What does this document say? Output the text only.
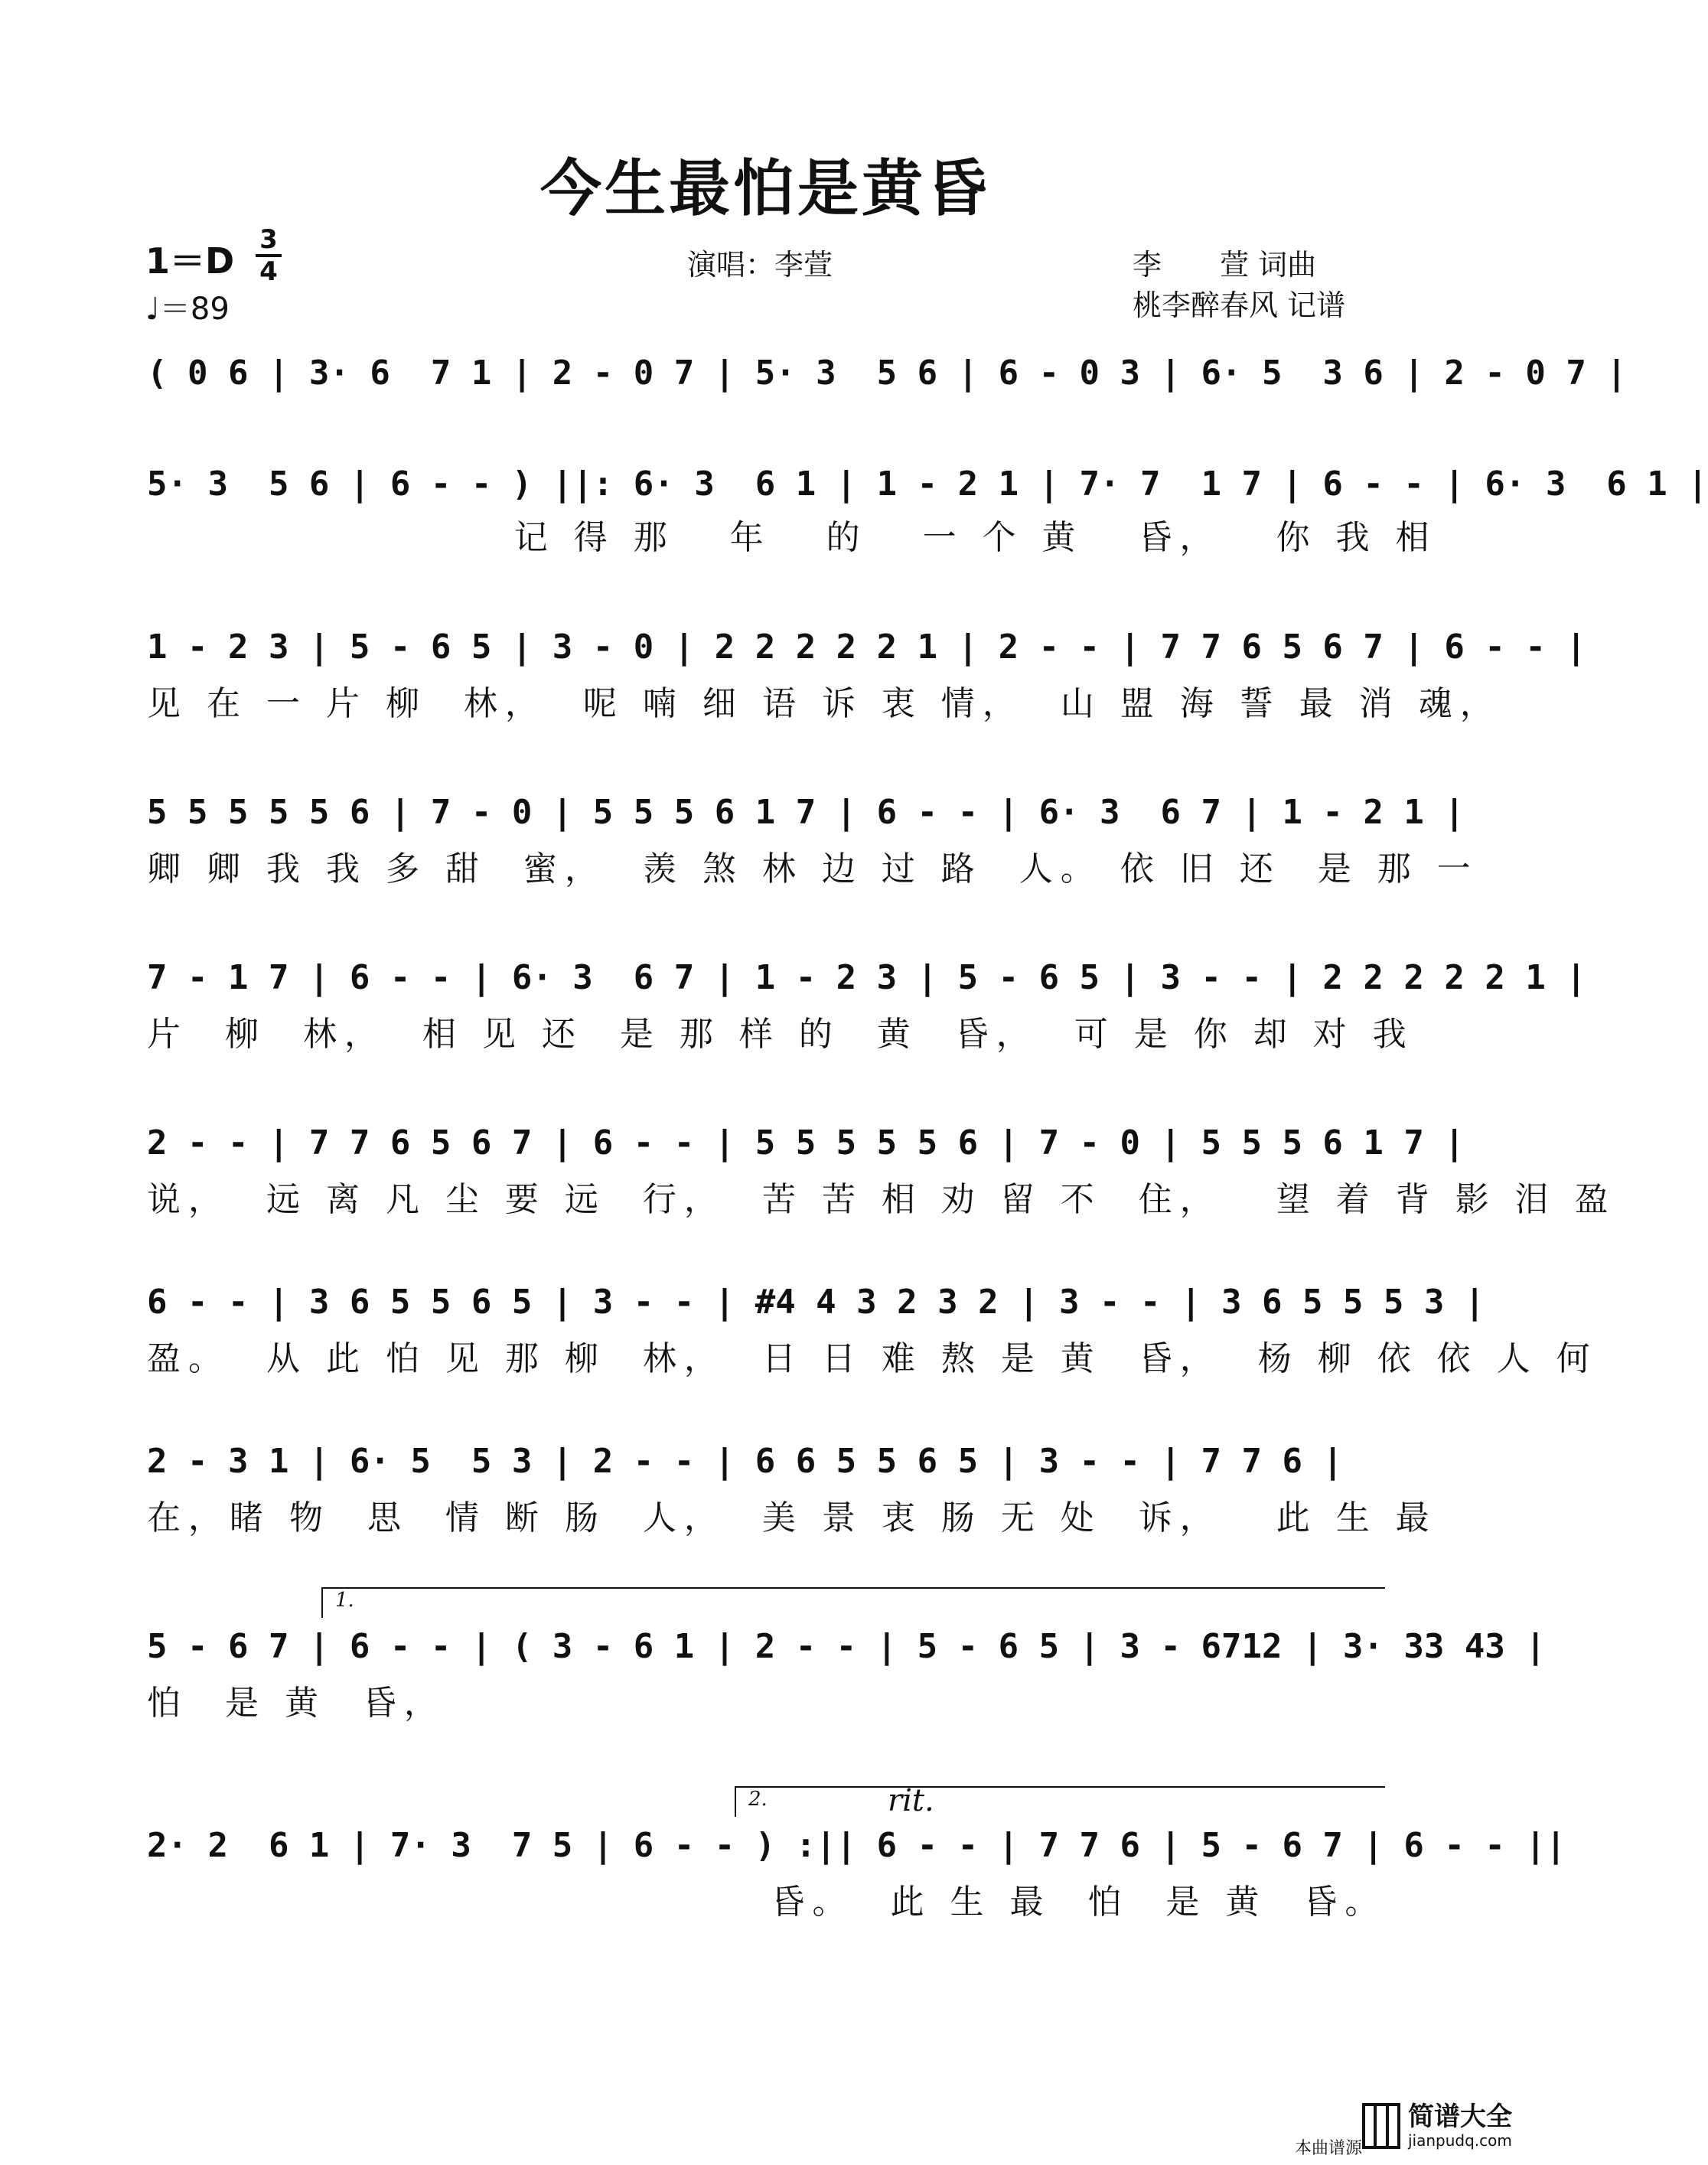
今生最怕是黄昏
1＝D
3
4
♩＝89
演唱：李萱	李　　萱 词曲
桃李醉春风 记谱
( 0 6 | 3· 6  7 1 | 2 - 0 7 | 5· 3  5 6 | 6 - 0 3 | 6· 5  3 6 | 2 - 0 7 |
5· 3  5 6 | 6 - - ) ||: 6· 3  6 1 | 1 - 2 1 | 7· 7  1 7 | 6 - - | 6· 3  6 1 |
记 得 那   年   的   一 个 黄   昏，   你 我 相
1 - 2 3 | 5 - 6 5 | 3 - 0 | 2 2 2 2 2 1 | 2 - - | 7 7 6 5 6 7 | 6 - - |
见 在 一 片 柳  林，  呢 喃 细 语 诉 衷 情，  山 盟 海 誓 最 消 魂，
5 5 5 5 5 6 | 7 - 0 | 5 5 5 6 1 7 | 6 - - | 6· 3  6 7 | 1 - 2 1 |
卿 卿 我 我 多 甜  蜜，  羡 煞 林 边 过 路  人。 依 旧 还  是 那 一
7 - 1 7 | 6 - - | 6· 3  6 7 | 1 - 2 3 | 5 - 6 5 | 3 - - | 2 2 2 2 2 1 |
片  柳  林，  相 见 还  是 那 样 的  黄  昏，  可 是 你 却 对 我
2 - - | 7 7 6 5 6 7 | 6 - - | 5 5 5 5 5 6 | 7 - 0 | 5 5 5 6 1 7 |
说，  远 离 凡 尘 要 远  行，  苦 苦 相 劝 留 不  住，   望 着 背 影 泪 盈
6 - - | 3 6 5 5 6 5 | 3 - - | #4 4 3 2 3 2 | 3 - - | 3 6 5 5 5 3 |
盈。  从 此 怕 见 那 柳  林，  日 日 难 熬 是 黄  昏，  杨 柳 依 依 人 何
2 - 3 1 | 6· 5  5 3 | 2 - - | 6 6 5 5 6 5 | 3 - - | 7 7 6 |
在，睹 物  思  情 断 肠  人，  美 景 衷 肠 无 处  诉，   此 生 最
1.
5 - 6 7 | 6 - - | ( 3 - 6 1 | 2 - - | 5 - 6 5 | 3 - 6712 | 3· 33 43 |
怕  是 黄  昏，
2.	rit.
2· 2  6 1 | 7· 3  7 5 | 6 - - ) :|| 6 - - | 7 7 6 | 5 - 6 7 | 6 - - ||
昏。  此 生 最  怕  是 黄  昏。
本曲谱源
简谱大全
jianpudq.com
